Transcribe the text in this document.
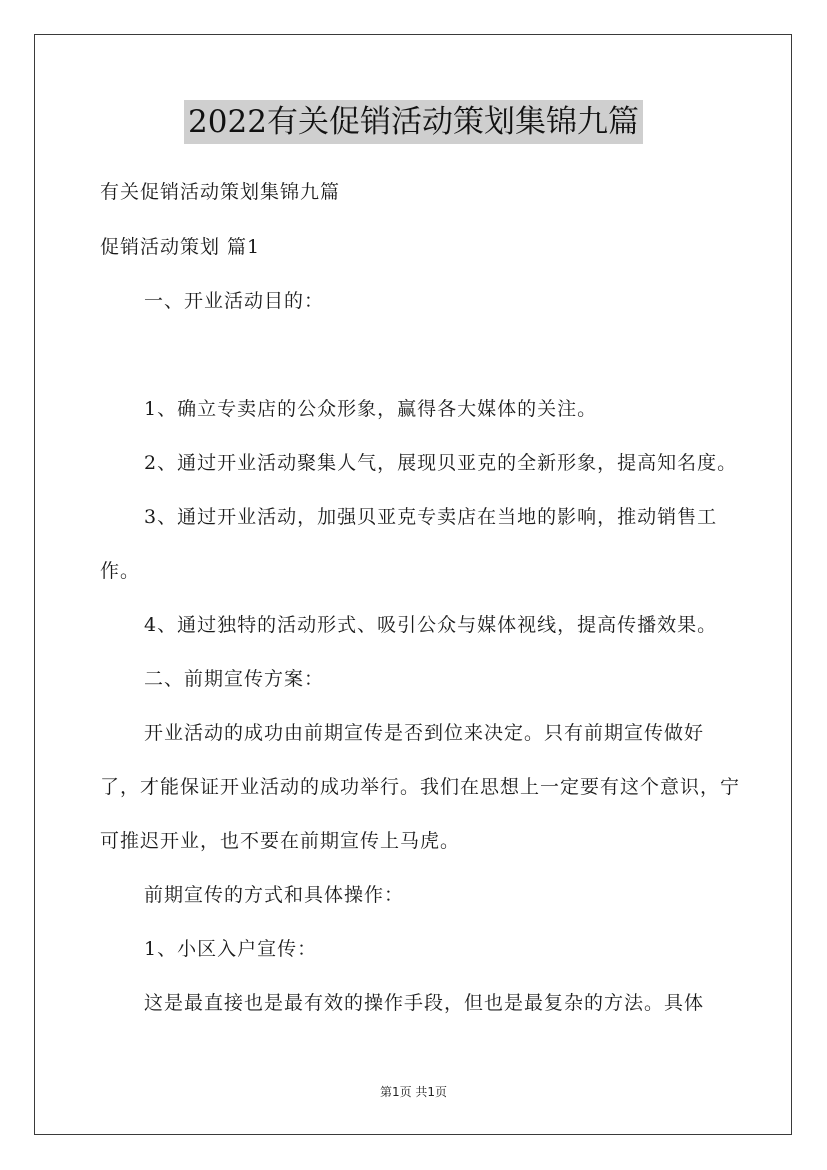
2022有关促销活动策划集锦九篇

有关促销活动策划集锦九篇

促销活动策划 篇1

一、开业活动目的：

1、确立专卖店的公众形象，赢得各大媒体的关注。

2、通过开业活动聚集人气，展现贝亚克的全新形象，提高知名度。

3、通过开业活动，加强贝亚克专卖店在当地的影响，推动销售工作。

4、通过独特的活动形式、吸引公众与媒体视线，提高传播效果。

二、前期宣传方案：

开业活动的成功由前期宣传是否到位来决定。只有前期宣传做好了，才能保证开业活动的成功举行。我们在思想上一定要有这个意识，宁可推迟开业，也不要在前期宣传上马虎。

前期宣传的方式和具体操作：

1、小区入户宣传：

这是最直接也是最有效的操作手段，但也是最复杂的方法。具体

第1页 共1页
